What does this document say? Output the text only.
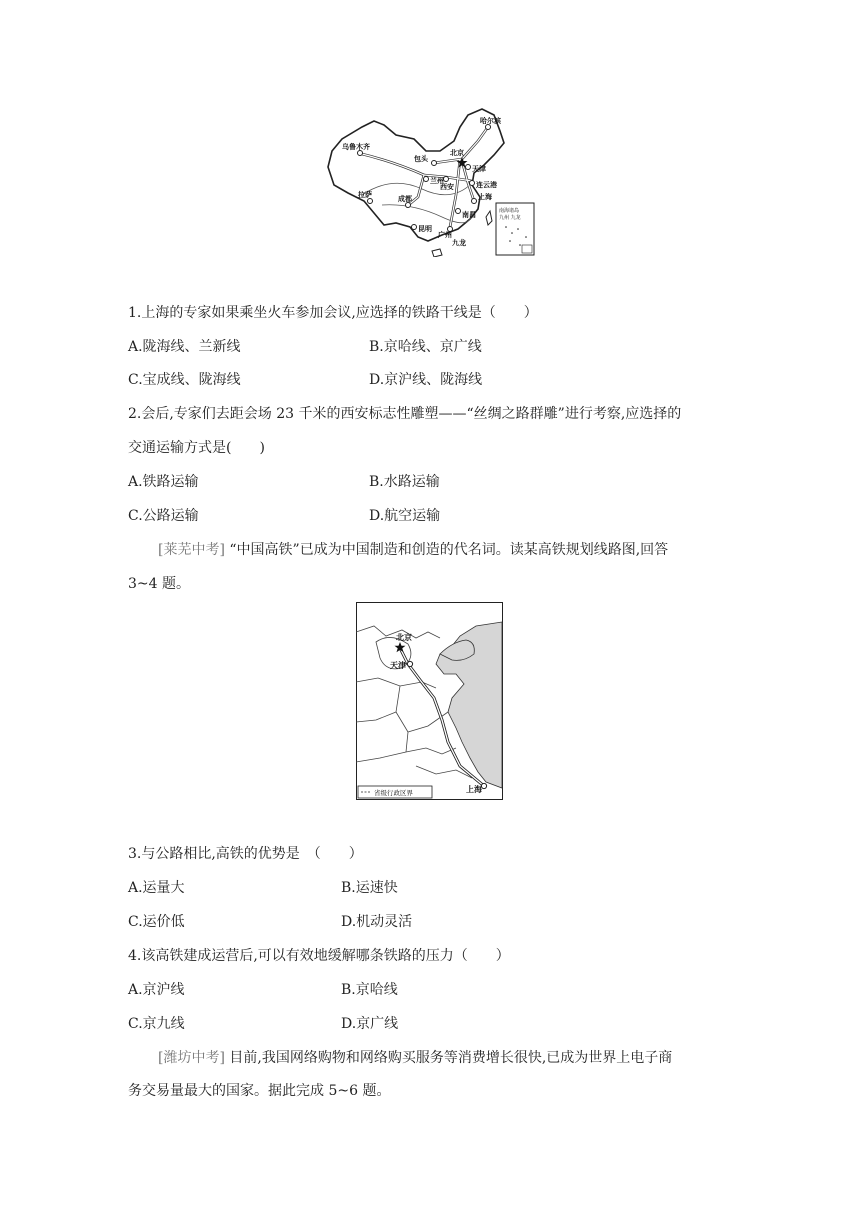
乌鲁木齐
哈尔滨
北京
包头
天津
兰州
西安	连云港
上海
拉萨	成都
南昌
昆明
广州
九龙
南海诸岛
九州 九龙
1.上海的专家如果乘坐火车参加会议,应选择的铁路干线是（　　）
A.陇海线、兰新线	B.京哈线、京广线
C.宝成线、陇海线	D.京沪线、陇海线
2.会后,专家们去距会场 23 千米的西安标志性雕塑——“丝绸之路群雕”进行考察,应选择的
交通运输方式是(　　)
A.铁路运输	B.水路运输
C.公路运输	D.航空运输
[莱芜中考] “中国高铁”已成为中国制造和创造的代名词。读某高铁规划线路图,回答
3~4 题。
北京
天津
上海
省级行政区界
3.与公路相比,高铁的优势是　（　　）
A.运量大	B.运速快
C.运价低	D.机动灵活
4.该高铁建成运营后,可以有效地缓解哪条铁路的压力（　　）
A.京沪线	B.京哈线
C.京九线	D.京广线
[潍坊中考] 目前,我国网络购物和网络购买服务等消费增长很快,已成为世界上电子商
务交易量最大的国家。据此完成 5~6 题。
